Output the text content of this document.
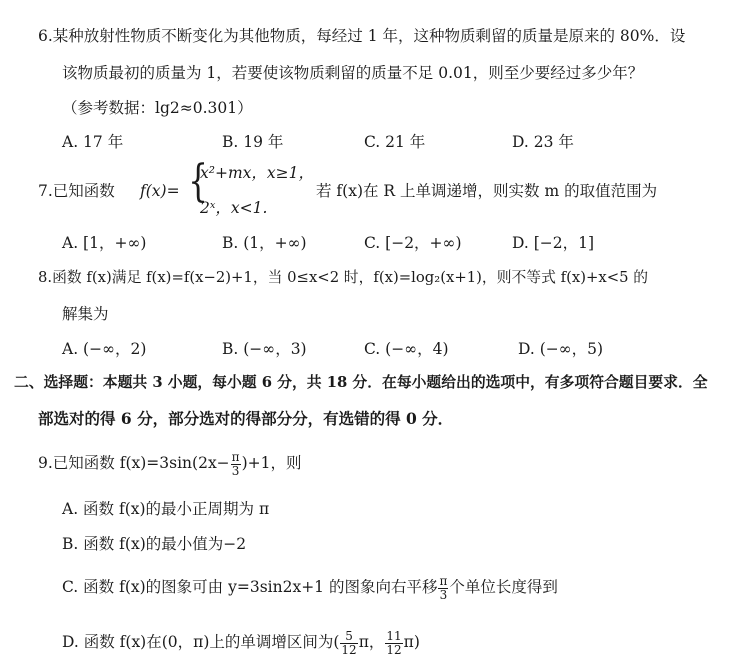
6.某种放射性物质不断变化为其他物质，每经过 1 年，这种物质剩留的质量是原来的 80%．设
该物质最初的质量为 1，若要使该物质剩留的质量不足 0.01，则至少要经过多少年？
（参考数据：lg2≈0.301）
A. 17 年	B. 19 年	C. 21 年	D. 23 年
7.已知函数 f(x)= {
x²+mx，x≥1，
2ˣ，x<1.
若 f(x)在 R 上单调递增，则实数 m 的取值范围为
A. [1，+∞)	B. (1，+∞)	C. [−2，+∞)	D. [−2，1]
8.函数 f(x)满足 f(x)=f(x−2)+1，当 0≤x<2 时，f(x)=log₂(x+1)，则不等式 f(x)+x<5 的
解集为
A. (−∞，2)	B. (−∞，3)	C. (−∞，4)	D. (−∞，5)
二、选择题：本题共 3 小题，每小题 6 分，共 18 分．在每小题给出的选项中，有多项符合题目要求．全
部选对的得 6 分，部分选对的得部分分，有选错的得 0 分．
9.已知函数 $f(x)=3\sin(2x- \frac{\pi}{3} )+1$，则
A. 函数 f(x)的最小正周期为 π
B. 函数 f(x)的最小值为−2
C. 函数 f(x)的图象可由 y=3sin2x+1 的图象向右平移 $\frac{\pi}{3}$ 个单位长度得到
D. 函数 f(x)在(0，π)上的单调增区间为( $\frac{5}{12}$ π， $\frac{11}{12} \pi$)
